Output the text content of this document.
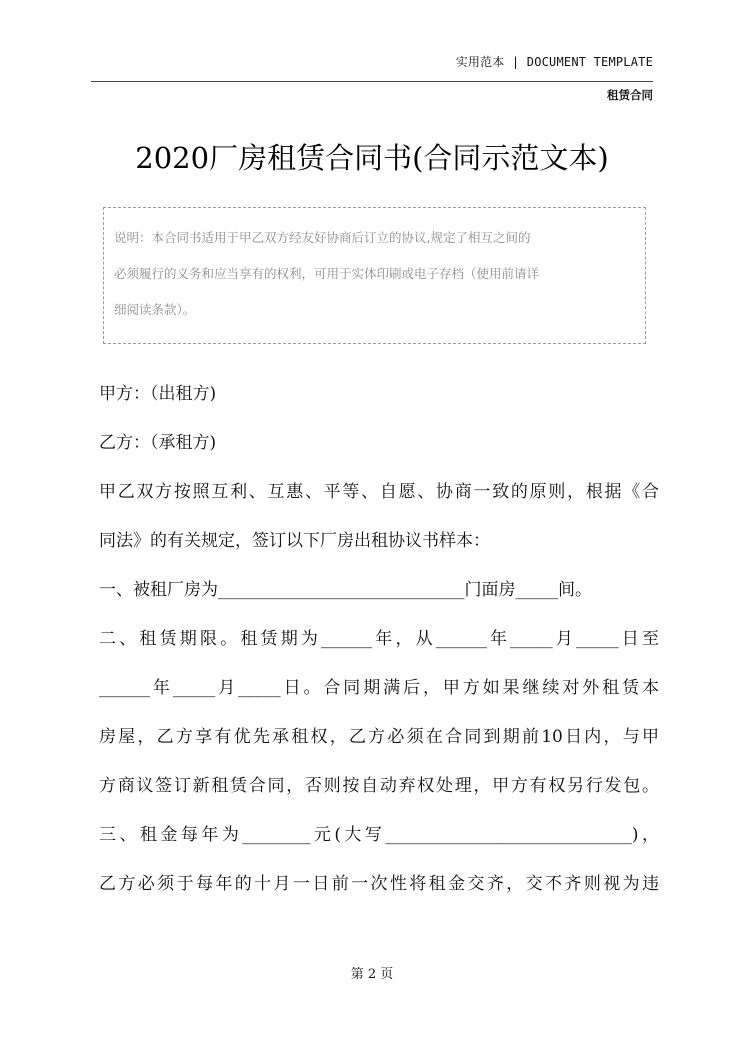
实用范本 | DOCUMENT TEMPLATE
租赁合同
2020厂房租赁合同书(合同示范文本)
说明：本合同书适用于甲乙双方经友好协商后订立的协议,规定了相互之间的
必须履行的义务和应当享有的权利，可用于实体印刷或电子存档（使用前请详
细阅读条款）。

甲方：（出租方)

乙方：（承租方)

甲乙双方按照互利、互惠、平等、自愿、协商一致的原则，根据《合

同法》的有关规定，签订以下厂房出租协议书样本：

一、被租厂房为_____________________________门面房_____间。

二、租赁期限。租赁期为______年，从______年_____月_____日至

______年_____月_____日。合同期满后，甲方如果继续对外租赁本

房屋，乙方享有优先承租权，乙方必须在合同到期前10日内，与甲

方商议签订新租赁合同，否则按自动弃权处理，甲方有权另行发包。

三、租金每年为________元(大写_____________________________)，

乙方必须于每年的十月一日前一次性将租金交齐，交不齐则视为违

第 2 页
